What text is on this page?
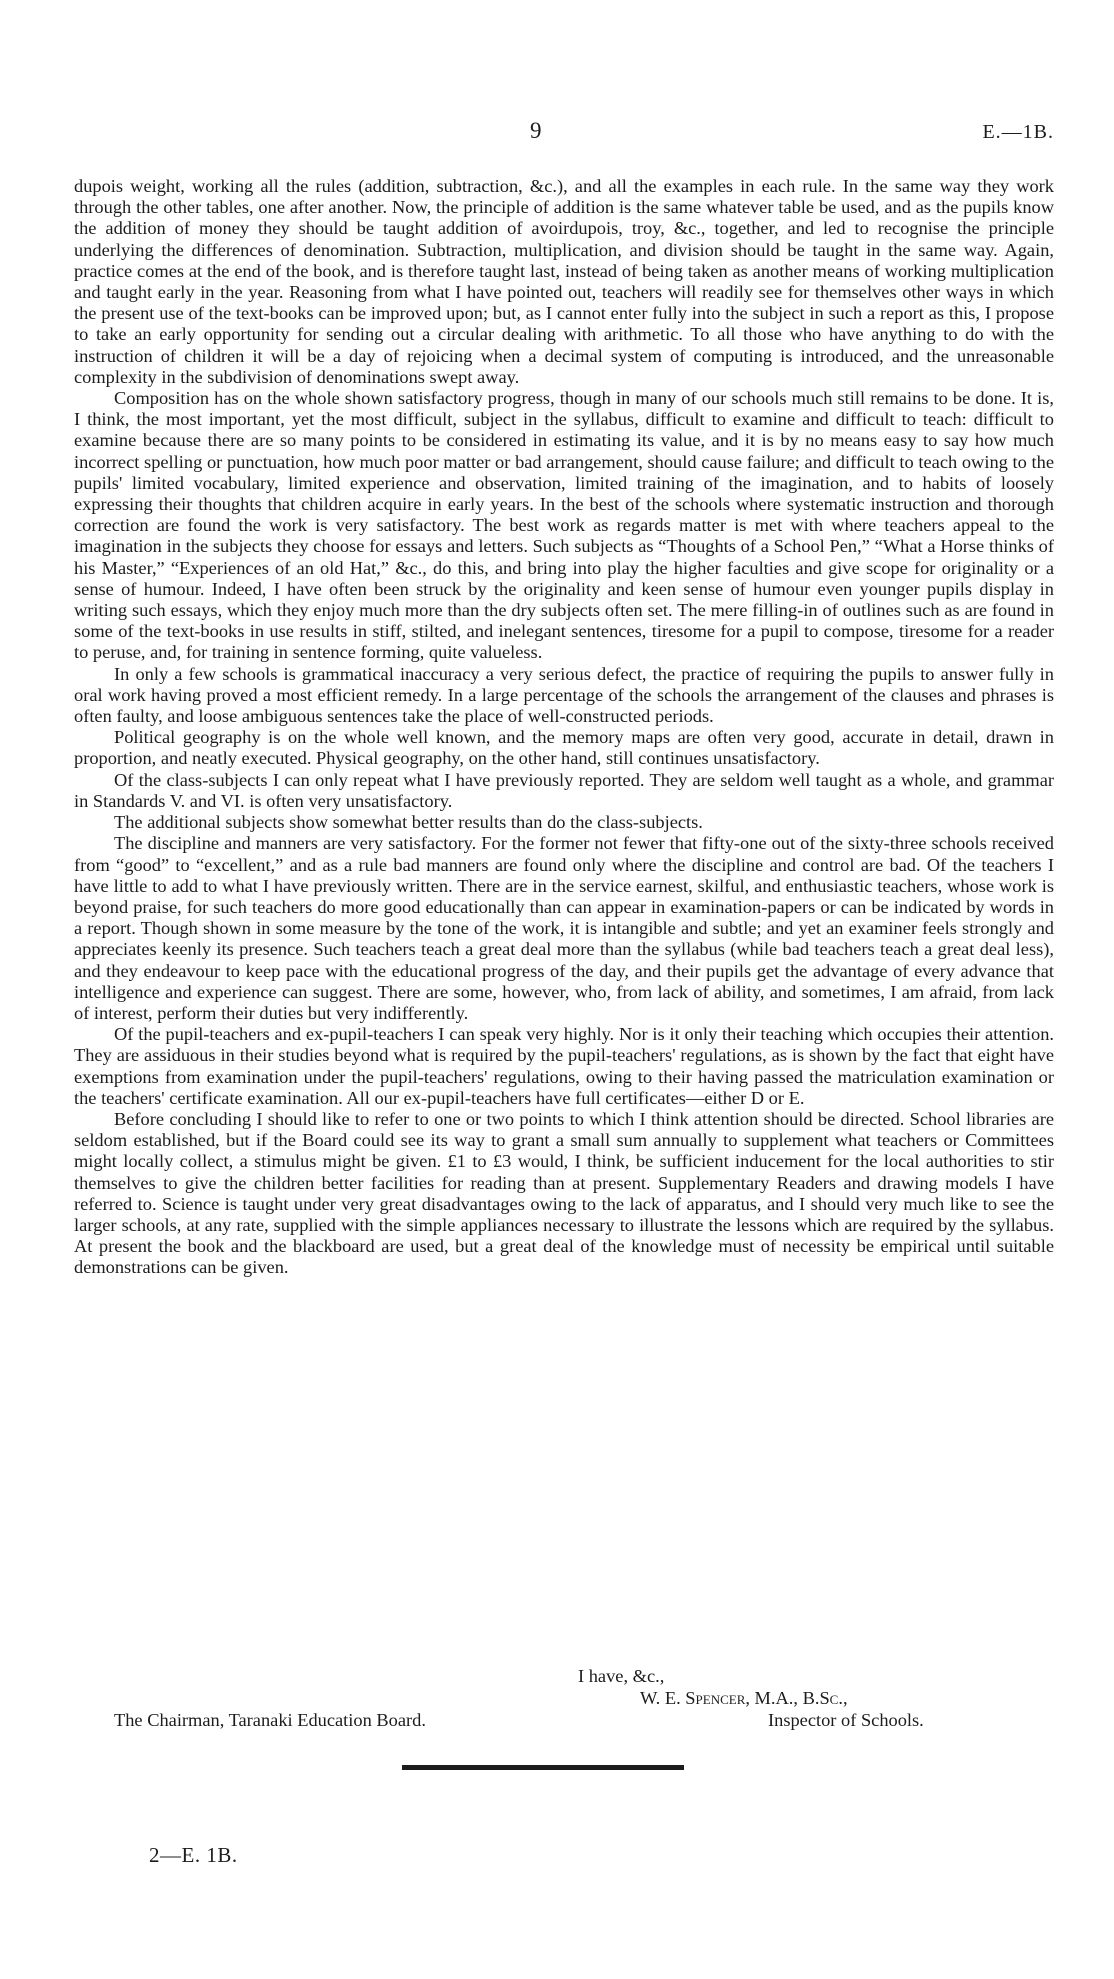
9	E.—1B.

dupois weight, working all the rules (addition, subtraction, &c.), and all the examples in each rule. In the same way they work through the other tables, one after another. Now, the principle of addition is the same whatever table be used, and as the pupils know the addition of money they should be taught addition of avoirdupois, troy, &c., together, and led to recognise the principle underlying the differences of denomination. Subtraction, multiplication, and division should be taught in the same way. Again, practice comes at the end of the book, and is therefore taught last, instead of being taken as another means of working multiplication and taught early in the year. Reasoning from what I have pointed out, teachers will readily see for themselves other ways in which the present use of the text-books can be improved upon; but, as I cannot enter fully into the subject in such a report as this, I propose to take an early opportunity for sending out a circular dealing with arithmetic. To all those who have anything to do with the instruction of children it will be a day of rejoicing when a decimal system of computing is introduced, and the unreasonable complexity in the subdivision of denominations swept away.

Composition has on the whole shown satisfactory progress, though in many of our schools much still remains to be done. It is, I think, the most important, yet the most difficult, subject in the syllabus, difficult to examine and difficult to teach: difficult to examine because there are so many points to be considered in estimating its value, and it is by no means easy to say how much incorrect spelling or punctuation, how much poor matter or bad arrangement, should cause failure; and difficult to teach owing to the pupils' limited vocabulary, limited experience and observation, limited training of the imagination, and to habits of loosely expressing their thoughts that children acquire in early years. In the best of the schools where systematic instruction and thorough correction are found the work is very satisfactory. The best work as regards matter is met with where teachers appeal to the imagination in the subjects they choose for essays and letters. Such subjects as “Thoughts of a School Pen,” “What a Horse thinks of his Master,” “Experiences of an old Hat,” &c., do this, and bring into play the higher faculties and give scope for originality or a sense of humour. Indeed, I have often been struck by the originality and keen sense of humour even younger pupils display in writing such essays, which they enjoy much more than the dry subjects often set. The mere filling-in of outlines such as are found in some of the text-books in use results in stiff, stilted, and inelegant sentences, tiresome for a pupil to compose, tiresome for a reader to peruse, and, for training in sentence forming, quite valueless.

In only a few schools is grammatical inaccuracy a very serious defect, the practice of requiring the pupils to answer fully in oral work having proved a most efficient remedy. In a large percentage of the schools the arrangement of the clauses and phrases is often faulty, and loose ambiguous sentences take the place of well-constructed periods.

Political geography is on the whole well known, and the memory maps are often very good, accurate in detail, drawn in proportion, and neatly executed. Physical geography, on the other hand, still continues unsatisfactory.

Of the class-subjects I can only repeat what I have previously reported. They are seldom well taught as a whole, and grammar in Standards V. and VI. is often very unsatisfactory.

The additional subjects show somewhat better results than do the class-subjects.

The discipline and manners are very satisfactory. For the former not fewer that fifty-one out of the sixty-three schools received from “good” to “excellent,” and as a rule bad manners are found only where the discipline and control are bad. Of the teachers I have little to add to what I have previously written. There are in the service earnest, skilful, and enthusiastic teachers, whose work is beyond praise, for such teachers do more good educationally than can appear in examination-papers or can be indicated by words in a report. Though shown in some measure by the tone of the work, it is intangible and subtle; and yet an examiner feels strongly and appreciates keenly its presence. Such teachers teach a great deal more than the syllabus (while bad teachers teach a great deal less), and they endeavour to keep pace with the educational progress of the day, and their pupils get the advantage of every advance that intelligence and experience can suggest. There are some, however, who, from lack of ability, and sometimes, I am afraid, from lack of interest, perform their duties but very indifferently.

Of the pupil-teachers and ex-pupil-teachers I can speak very highly. Nor is it only their teaching which occupies their attention. They are assiduous in their studies beyond what is required by the pupil-teachers' regulations, as is shown by the fact that eight have exemptions from examination under the pupil-teachers' regulations, owing to their having passed the matriculation examination or the teachers' certificate examination. All our ex-pupil-teachers have full certificates—either D or E.

Before concluding I should like to refer to one or two points to which I think attention should be directed. School libraries are seldom established, but if the Board could see its way to grant a small sum annually to supplement what teachers or Committees might locally collect, a stimulus might be given. £1 to £3 would, I think, be sufficient inducement for the local authorities to stir themselves to give the children better facilities for reading than at present. Supplementary Readers and drawing models I have referred to. Science is taught under very great disadvantages owing to the lack of apparatus, and I should very much like to see the larger schools, at any rate, supplied with the simple appliances necessary to illustrate the lessons which are required by the syllabus. At present the book and the blackboard are used, but a great deal of the knowledge must of necessity be empirical until suitable demonstrations can be given.

I have, &c.,
W. E. Spencer, M.A., B.Sc.,
The Chairman, Taranaki Education Board.	Inspector of Schools.
2—E. 1B.
